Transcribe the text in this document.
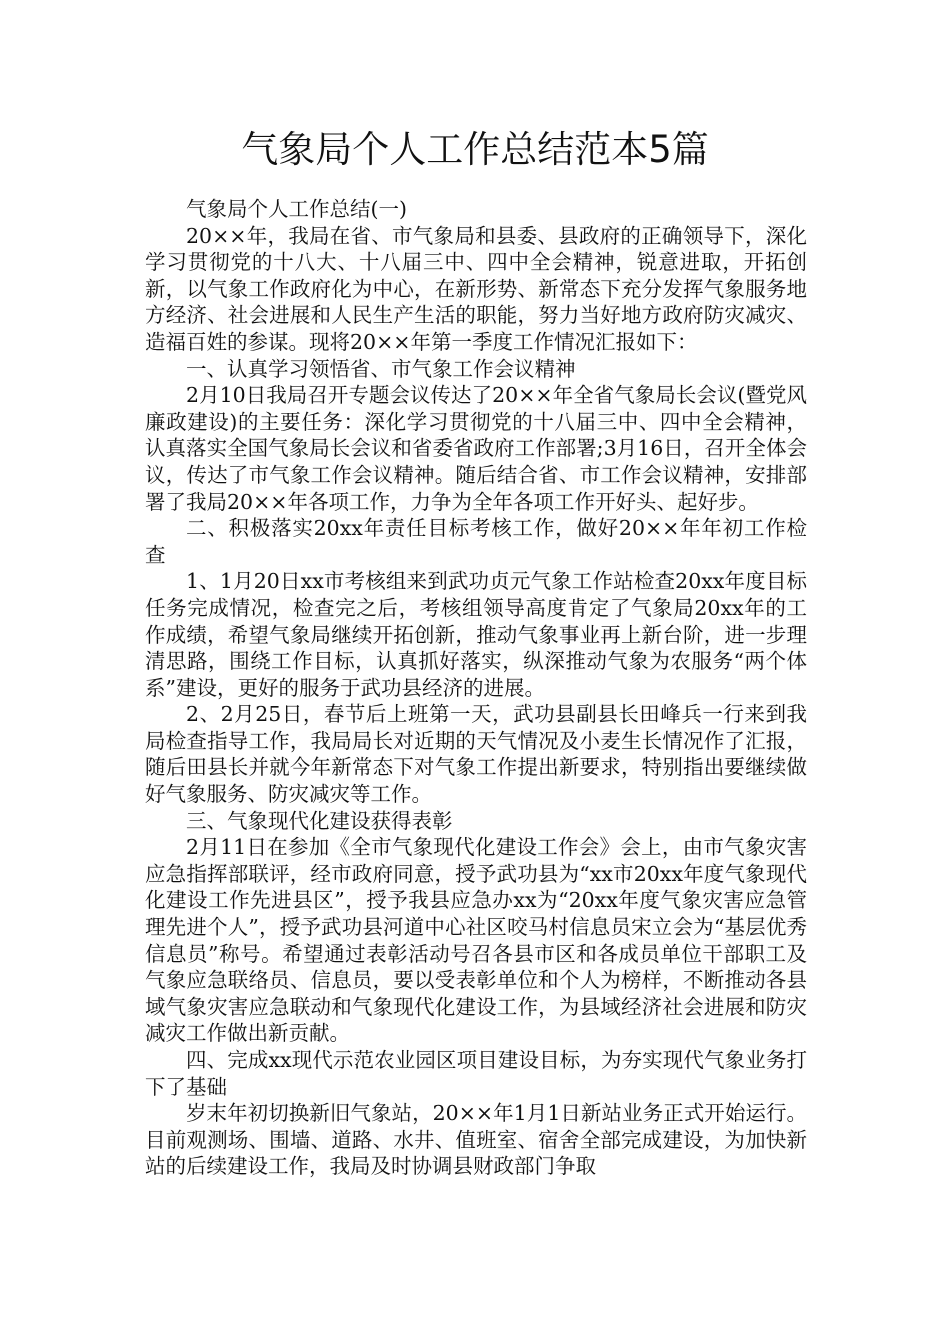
气象局个人工作总结范本5篇

气象局个人工作总结(一)

20××年，我局在省、市气象局和县委、县政府的正确领导下，深化学习贯彻党的十八大、十八届三中、四中全会精神，锐意进取，开拓创新，以气象工作政府化为中心，在新形势、新常态下充分发挥气象服务地方经济、社会进展和人民生产生活的职能，努力当好地方政府防灾减灾、造福百姓的参谋。现将20××年第一季度工作情况汇报如下：

一、认真学习领悟省、市气象工作会议精神

2月10日我局召开专题会议传达了20××年全省气象局长会议(暨党风廉政建设)的主要任务：深化学习贯彻党的十八届三中、四中全会精神，认真落实全国气象局长会议和省委省政府工作部署;3月16日，召开全体会议，传达了市气象工作会议精神。随后结合省、市工作会议精神，安排部署了我局20××年各项工作，力争为全年各项工作开好头、起好步。

二、积极落实20xx年责任目标考核工作，做好20××年年初工作检查

1、1月20日xx市考核组来到武功贞元气象工作站检查20xx年度目标任务完成情况，检查完之后，考核组领导高度肯定了气象局20xx年的工作成绩，希望气象局继续开拓创新，推动气象事业再上新台阶，进一步理清思路，围绕工作目标，认真抓好落实，纵深推动气象为农服务“两个体系”建设，更好的服务于武功县经济的进展。

2、2月25日，春节后上班第一天，武功县副县长田峰兵一行来到我局检查指导工作，我局局长对近期的天气情况及小麦生长情况作了汇报，随后田县长并就今年新常态下对气象工作提出新要求，特别指出要继续做好气象服务、防灾减灾等工作。

三、气象现代化建设获得表彰

2月11日在参加《全市气象现代化建设工作会》会上，由市气象灾害应急指挥部联评，经市政府同意，授予武功县为“xx市20xx年度气象现代化建设工作先进县区”，授予我县应急办xx为“20xx年度气象灾害应急管理先进个人”，授予武功县河道中心社区咬马村信息员宋立会为“基层优秀信息员”称号。希望通过表彰活动号召各县市区和各成员单位干部职工及气象应急联络员、信息员，要以受表彰单位和个人为榜样，不断推动各县域气象灾害应急联动和气象现代化建设工作，为县域经济社会进展和防灾减灾工作做出新贡献。

四、完成xx现代示范农业园区项目建设目标，为夯实现代气象业务打下了基础

岁末年初切换新旧气象站，20××年1月1日新站业务正式开始运行。目前观测场、围墙、道路、水井、值班室、宿舍全部完成建设，为加快新站的后续建设工作，我局及时协调县财政部门争取
